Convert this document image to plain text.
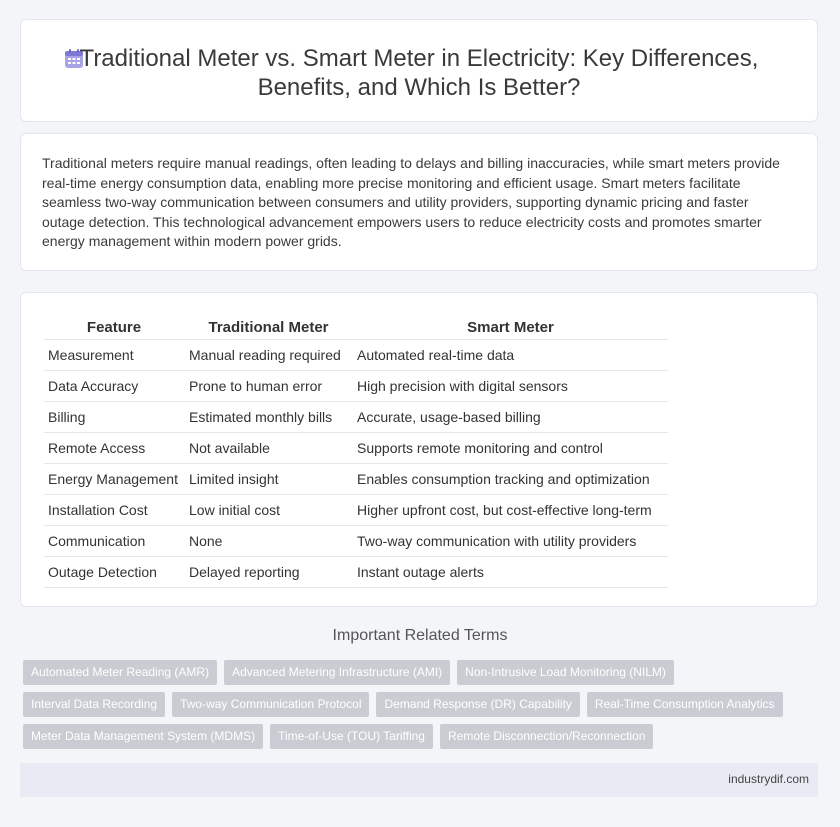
Traditional Meter vs. Smart Meter in Electricity: Key Differences,
Benefits, and Which Is Better?
Traditional meters require manual readings, often leading to delays and billing inaccuracies, while smart meters provide real-time energy consumption data, enabling more precise monitoring and efficient usage. Smart meters facilitate seamless two-way communication between consumers and utility providers, supporting dynamic pricing and faster outage detection. This technological advancement empowers users to reduce electricity costs and promotes smarter energy management within modern power grids.
Feature	Traditional Meter	Smart Meter
Measurement	Manual reading required	Automated real-time data
Data Accuracy	Prone to human error	High precision with digital sensors
Billing	Estimated monthly bills	Accurate, usage-based billing
Remote Access	Not available	Supports remote monitoring and control
Energy Management	Limited insight	Enables consumption tracking and optimization
Installation Cost	Low initial cost	Higher upfront cost, but cost-effective long-term
Communication	None	Two-way communication with utility providers
Outage Detection	Delayed reporting	Instant outage alerts
Important Related Terms
Automated Meter Reading (AMR)	Advanced Metering Infrastructure (AMI)	Non-Intrusive Load Monitoring (NILM)
Interval Data Recording	Two-way Communication Protocol	Demand Response (DR) Capability	Real-Time Consumption Analytics
Meter Data Management System (MDMS)	Time-of-Use (TOU) Tariffing	Remote Disconnection/Reconnection
industrydif.com
